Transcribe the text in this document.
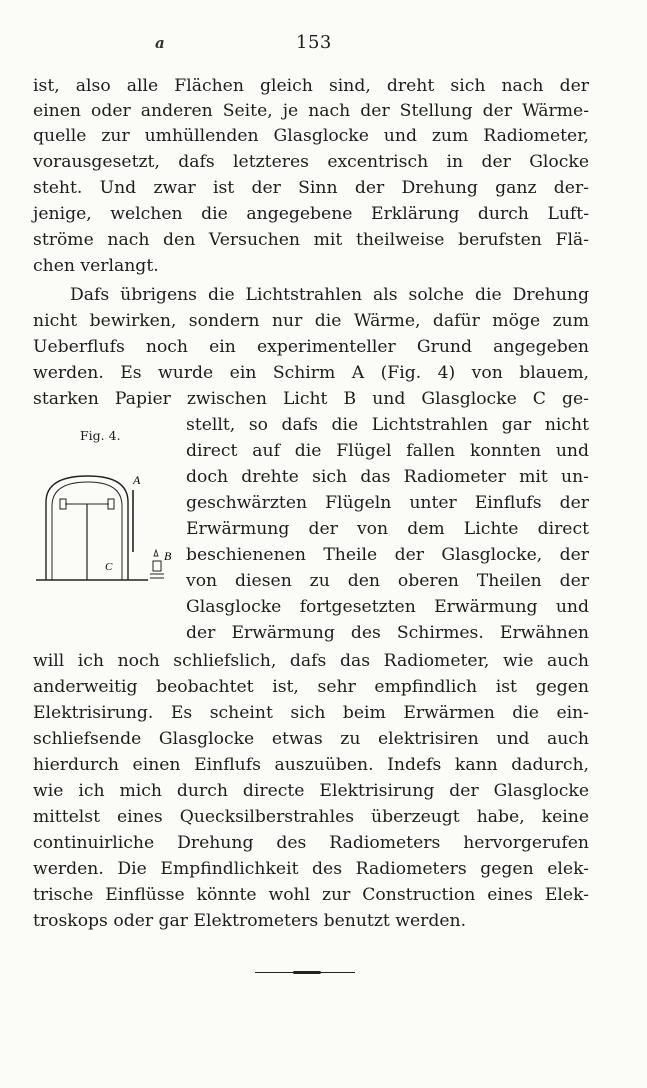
a	153
ist, also alle Flächen gleich sind, dreht sich nach der
einen oder anderen Seite, je nach der Stellung der Wärme-
quelle zur umhüllenden Glasglocke und zum Radiometer,
vorausgesetzt, dafs letzteres excentrisch in der Glocke
steht. Und zwar ist der Sinn der Drehung ganz der-
jenige, welchen die angegebene Erklärung durch Luft-
ströme nach den Versuchen mit theilweise berufsten Flä-
chen verlangt.
Dafs übrigens die Lichtstrahlen als solche die Drehung
nicht bewirken, sondern nur die Wärme, dafür möge zum
Ueberflufs noch ein experimenteller Grund angegeben
werden. Es wurde ein Schirm A (Fig. 4) von blauem,
starken Papier zwischen Licht B und Glasglocke C ge-
stellt, so dafs die Lichtstrahlen gar nicht
direct auf die Flügel fallen konnten und
doch drehte sich das Radiometer mit un-
geschwärzten Flügeln unter Einflufs der
Erwärmung der von dem Lichte direct
beschienenen Theile der Glasglocke, der
von diesen zu den oberen Theilen der
Glasglocke fortgesetzten Erwärmung und
der Erwärmung des Schirmes. Erwähnen
will ich noch schliefslich, dafs das Radiometer, wie auch
anderweitig beobachtet ist, sehr empfindlich ist gegen
Elektrisirung. Es scheint sich beim Erwärmen die ein-
schliefsende Glasglocke etwas zu elektrisiren und auch
hierdurch einen Einflufs auszuüben. Indefs kann dadurch,
wie ich mich durch directe Elektrisirung der Glasglocke
mittelst eines Quecksilberstrahles überzeugt habe, keine
continuirliche Drehung des Radiometers hervorgerufen
werden. Die Empfindlichkeit des Radiometers gegen elek-
trische Einflüsse könnte wohl zur Construction eines Elek-
troskops oder gar Elektrometers benutzt werden.
Fig. 4.
A
C
B
